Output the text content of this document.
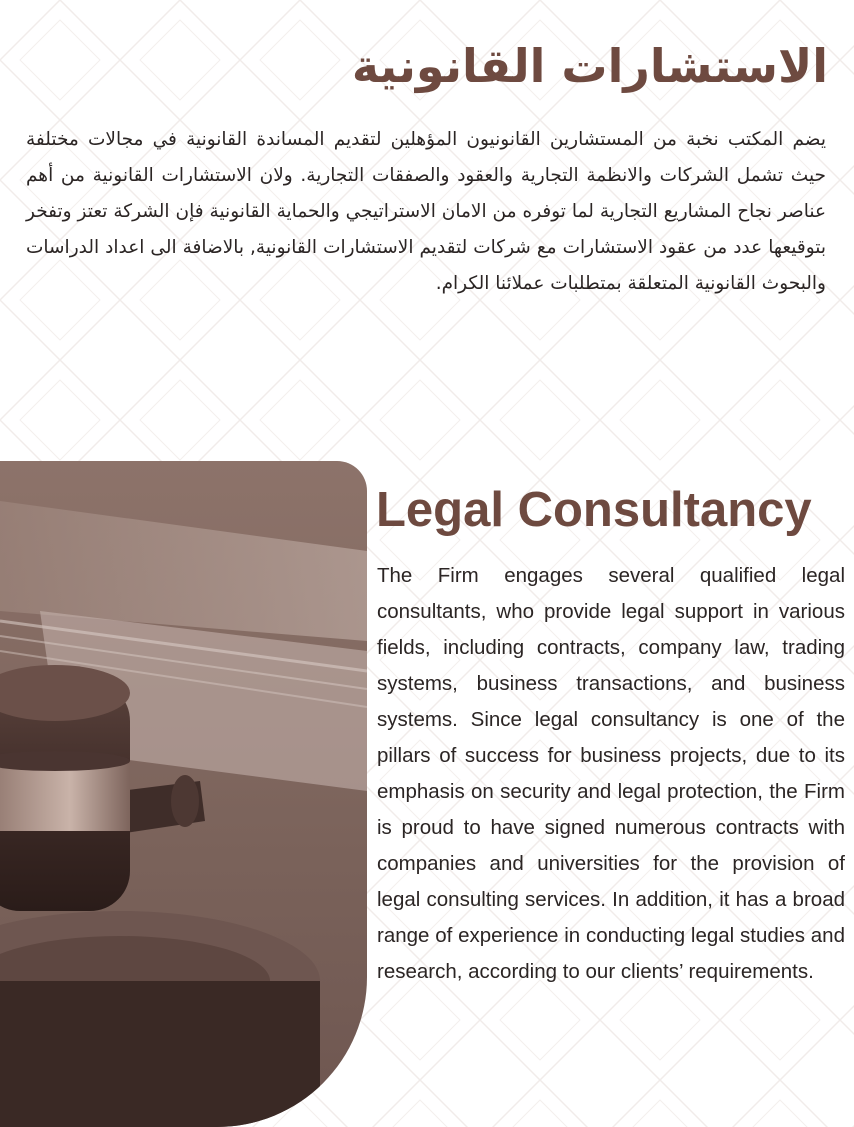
الاستشارات القانونية

يضم المكتب نخبة من المستشارين القانونيون المؤهلين لتقديم المساندة القانونية في مجالات مختلفة حيث تشمل الشركات والانظمة التجارية والعقود والصفقات التجارية. ولان الاستشارات القانونية من أهم عناصر نجاح المشاريع التجارية لما توفره من الامان الاستراتيجي والحماية القانونية فإن الشركة تعتز وتفخر بتوقيعها عدد من عقود الاستشارات مع شركات لتقديم الاستشارات القانونية, بالاضافة الى اعداد الدراسات والبحوث القانونية المتعلقة بمتطلبات عملائنا الكرام.

Legal Consultancy

The Firm engages several qualified legal consultants, who provide legal support in various fields, including contracts, company law, trading systems, business transactions, and business systems. Since legal consultancy is one of the pillars of success for business projects, due to its emphasis on security and legal protection, the Firm is proud to have signed numerous contracts with companies and universities for the provision of legal consulting services. In addition, it has a broad range of experience in conducting legal studies and research, according to our clients’ requirements.
